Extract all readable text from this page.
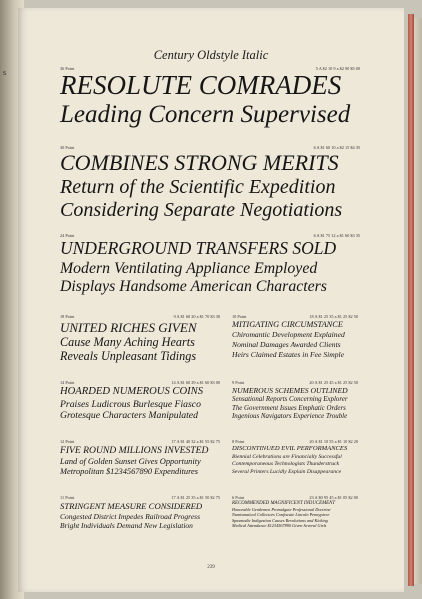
s
Century Oldstyle Italic
36 Point	5 A $2 10 9 a $2 90 $5 00
RESOLUTE COMRADES
Leading Concern Supervised
30 Point	6 A $1 60 10 a $2 15 $4 35
COMBINES STRONG MERITS
Return of the Scientific Expedition
Considering Separate Negotiations
24 Point	6 A $1 75 12 a $1 60 $3 35
UNDERGROUND TRANSFERS SOLD
Modern Ventilating Appliance Employed
Displays Handsome American Characters
18 Point	9 A $1 60 20 a $1 70 $3 30
UNITED RICHES GIVEN
Cause Many Aching Hearts
Reveals Unpleasant Tidings
10 Point	18 A $1 25 35 a $1 25 $2 50
MITIGATING CIRCUMSTANCE
Chiromantic Development Explained
Nominal Damages Awarded Clients
Heirs Claimed Estates in Fee Simple
14 Point	14 A $1 60 29 a $1 60 $3 00
HOARDED NUMEROUS COINS
Praises Ludicrous Burlesque Fiasco
Grotesque Characters Manipulated
9 Point	20 A $1 25 45 a $1 25 $2 50
NUMEROUS SCHEMES OUTLINED
Sensational Reports Concerning Explorer
The Government Issues Emphatic Orders
Ingenious Navigators Experience Trouble
12 Point	17 A $1 40 32 a $1 55 $2 75
FIVE ROUND MILLIONS INVESTED
Land of Golden Sunset Gives Opportunity
Metropolitan $1234567890 Expenditures
8 Point	20 A $1 10 55 a $1 10 $2 20
DISCONTINUED EVIL PERFORMANCES
Biennial Celebrations are Financially Successful
Contemporaneous Technologists Thunderstruck
Several Printers Lucidly Explain Disappearance
11 Point	17 A $1 25 35 a $1 50 $2 75
STRINGENT MEASURE CONSIDERED
Congested District Impedes Railroad Progress
Bright Individuals Demand New Legislation
6 Point	23 A $0 95 45 a $1 05 $2 00
RECOMMENDED MAGNIFICENT INDUCEMENT
Honorable Gentlemen Promulgate Professional Doctrine
Numismatical Collectors Confiscate Lincoln Pennypiece
Spasmodic Indigestion Causes Revolutions and Kicking
Medical Attendance $1234567890 Given Several Girls
239
